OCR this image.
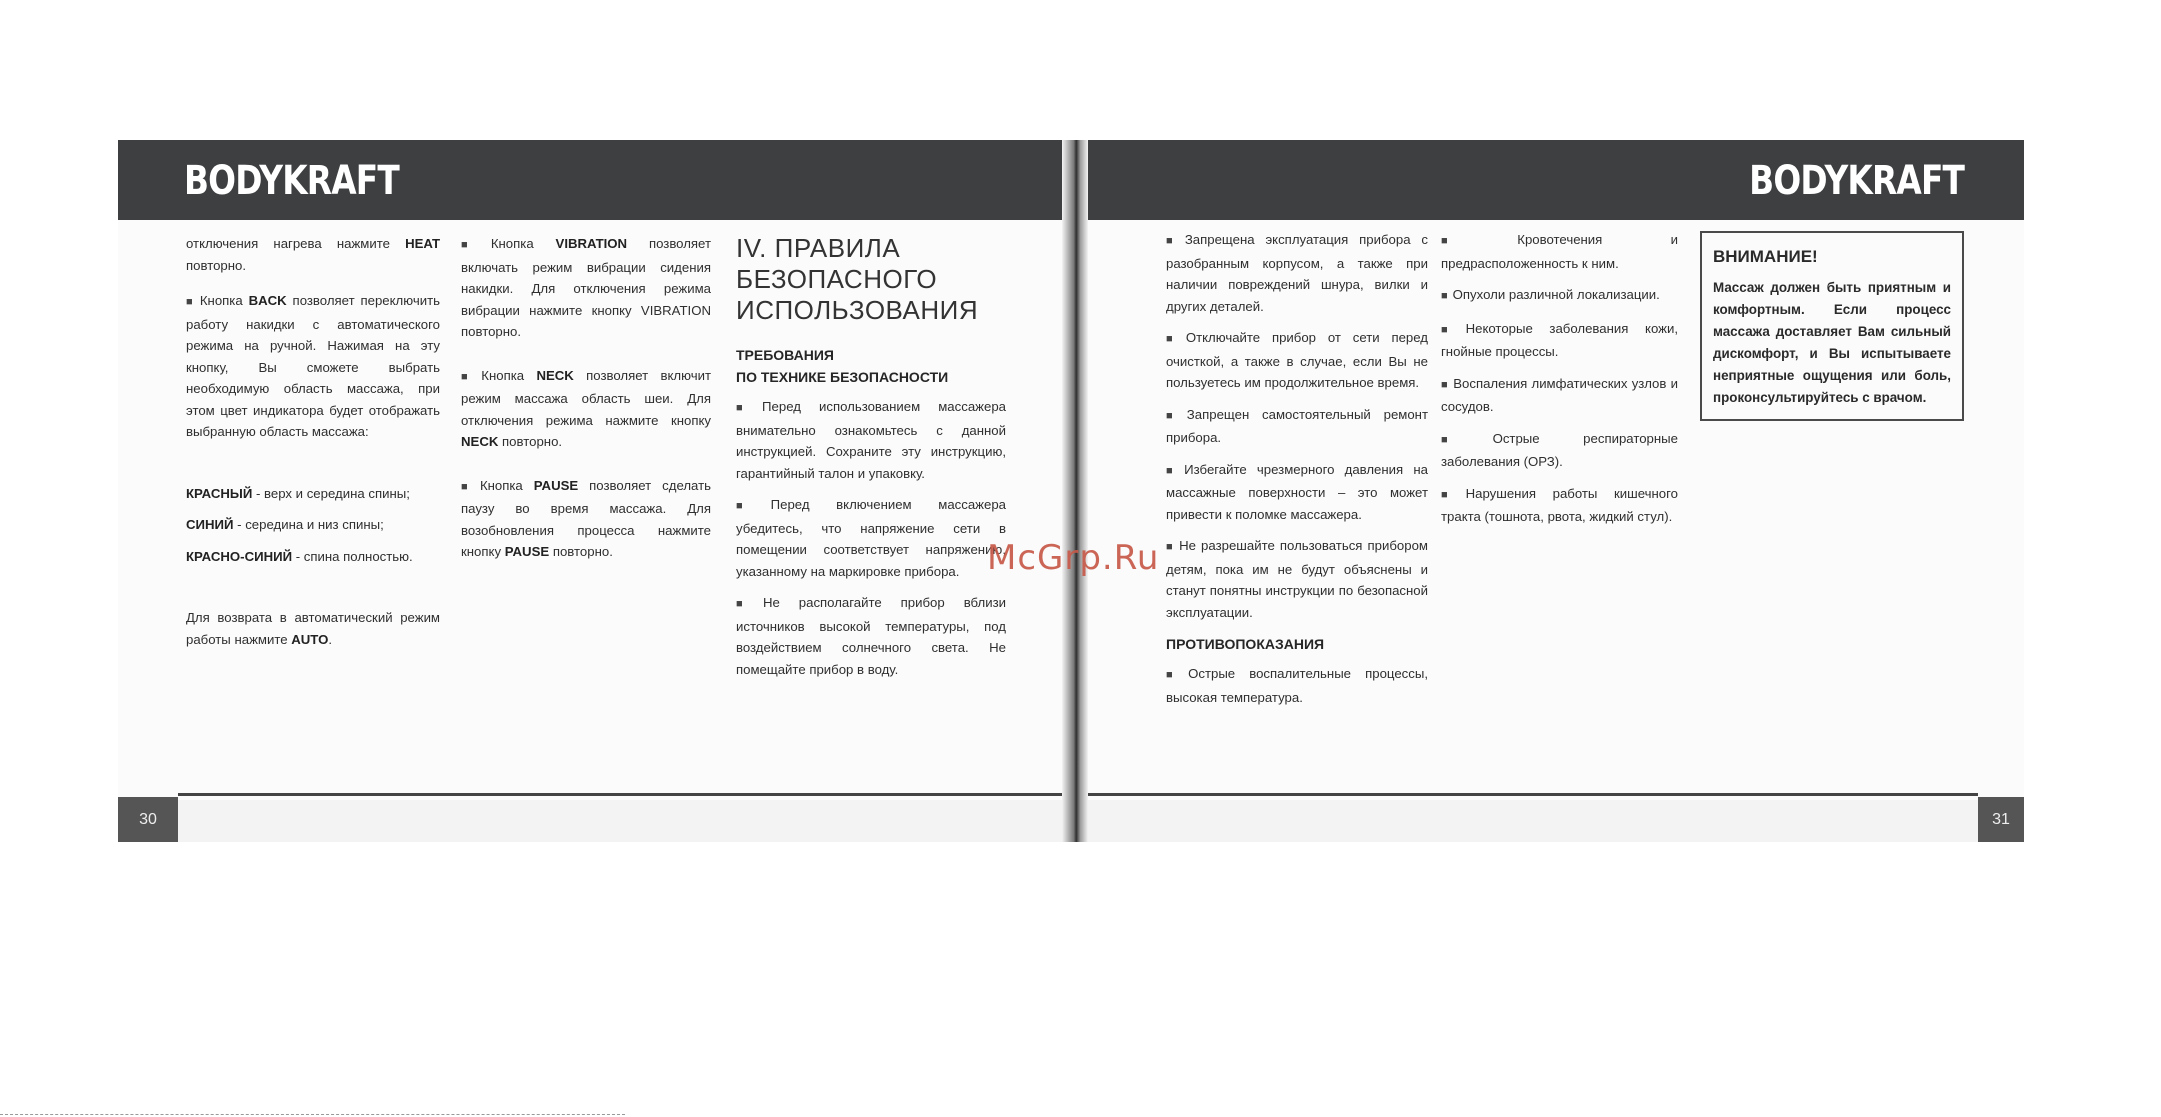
BODYKRAFT	BODYKRAFT

отключения нагрева нажмите HEAT повторно.

■ Кнопка BACK позволяет переключить работу накидки с автоматического режима на ручной. Нажимая на эту кнопку, Вы сможете выбрать необходимую область массажа, при этом цвет индикатора будет отображать выбранную область массажа:

КРАСНЫЙ - верх и середина спины;

СИНИЙ - середина и низ спины;

КРАСНО-СИНИЙ - спина полностью.

Для возврата в автоматический режим работы нажмите AUTO.

■ Кнопка VIBRATION позволяет включать режим вибрации сидения накидки. Для отключения режима вибрации нажмите кнопку VIBRATION повторно.

■ Кнопка NECK позволяет включит режим массажа область шеи. Для отключения режима нажмите кнопку NECK повторно.

■ Кнопка PAUSE позволяет сделать паузу во время массажа. Для возобновления процесса нажмите кнопку PAUSE повторно.

IV. ПРАВИЛА БЕЗОПАСНОГО ИСПОЛЬЗОВАНИЯ
ТРЕБОВАНИЯ
ПО ТЕХНИКЕ БЕЗОПАСНОСТИ

■ Перед использованием массажера внимательно ознакомьтесь с данной инструкцией. Сохраните эту инструкцию, гарантийный талон и упаковку.

■ Перед включением массажера убедитесь, что напряжение сети в помещении соответствует напряжению, указанному на маркировке прибора.

■ Не располагайте прибор вблизи источников высокой температуры, под воздействием солнечного света. Не помещайте прибор в воду.

■ Запрещена эксплуатация прибора с разобранным корпусом, а также при наличии повреждений шнура, вилки и других деталей.

■ Отключайте прибор от сети перед очисткой, а также в случае, если Вы не пользуетесь им продолжительное время.

■ Запрещен самостоятельный ремонт прибора.

■ Избегайте чрезмерного давления на массажные поверхности – это может привести к поломке массажера.

■ Не разрешайте пользоваться прибором детям, пока им не будут объяснены и станут понятны инструкции по безопасной эксплуатации.

ПРОТИВОПОКАЗАНИЯ

■ Острые воспалительные процессы, высокая температура.

■ Кровотечения и предрасположенность к ним.

■ Опухоли различной локализации.

■ Некоторые заболевания кожи, гнойные процессы.

■ Воспаления лимфатических узлов и сосудов.

■ Острые респираторные заболевания (ОРЗ).

■ Нарушения работы кишечного тракта (тошнота, рвота, жидкий стул).

ВНИМАНИЕ!
Массаж должен быть приятным и комфортным. Если процесс массажа доставляет Вам сильный дискомфорт, и Вы испытываете неприятные ощущения или боль, проконсультируйтесь с врачом.
30	31
McGrp.Ru
